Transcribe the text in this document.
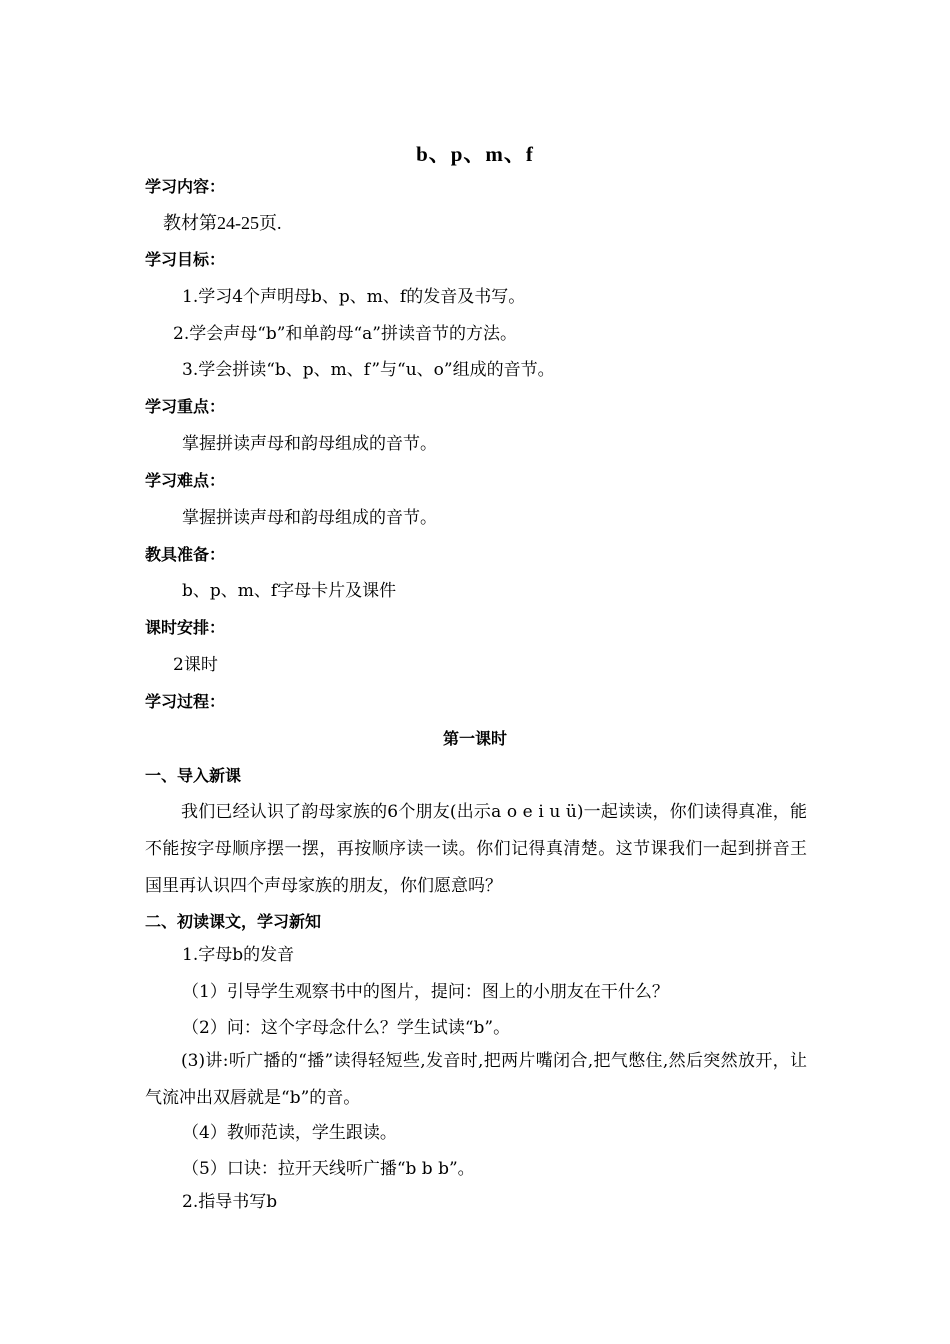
b、p、m、f
学习内容：
教材第24-25页.
学习目标：
1.学习4个声明母b、p、m、f的发音及书写。
2.学会声母“b”和单韵母“a”拼读音节的方法。
3.学会拼读“b、p、m、f”与“u、o”组成的音节。
学习重点：
掌握拼读声母和韵母组成的音节。
学习难点：
掌握拼读声母和韵母组成的音节。
教具准备：
b、p、m、f字母卡片及课件
课时安排：
2课时
学习过程：
第一课时
一、导入新课
我们已经认识了韵母家族的6个朋友(出示a o e i u ü)一起读读，你们读得真准，能不能按字母顺序摆一摆，再按顺序读一读。你们记得真清楚。这节课我们一起到拼音王国里再认识四个声母家族的朋友，你们愿意吗？
二、初读课文，学习新知
1.字母b的发音
（1）引导学生观察书中的图片，提问：图上的小朋友在干什么？
（2）问：这个字母念什么？学生试读“b”。
(3)讲:听广播的“播”读得轻短些,发音时,把两片嘴闭合,把气憋住,然后突然放开，让气流冲出双唇就是“b”的音。
（4）教师范读，学生跟读。
（5）口诀：拉开天线听广播“b b b”。
2.指导书写b
